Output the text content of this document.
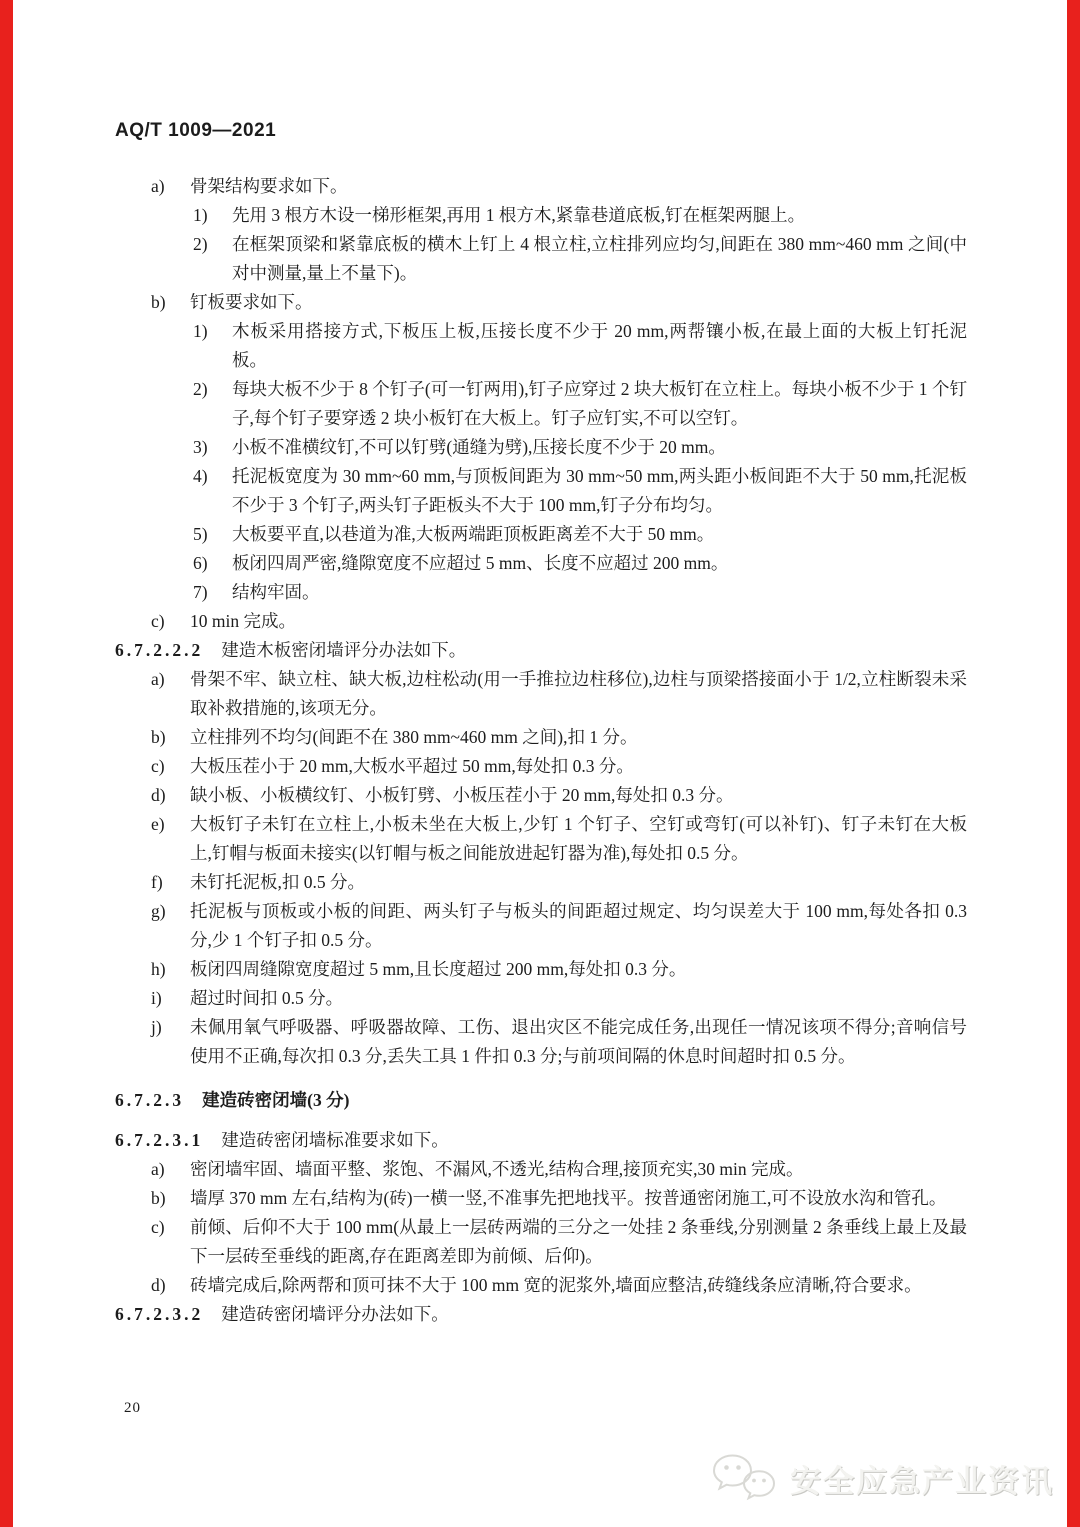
AQ/T 1009—2021
a) 骨架结构要求如下。
1) 先用 3 根方木设一梯形框架,再用 1 根方木,紧靠巷道底板,钉在框架两腿上。
2) 在框架顶梁和紧靠底板的横木上钉上 4 根立柱,立柱排列应均匀,间距在 380 mm~460 mm 之间(中对中测量,量上不量下)。
b) 钉板要求如下。
1) 木板采用搭接方式,下板压上板,压接长度不少于 20 mm,两帮镶小板,在最上面的大板上钉托泥板。
2) 每块大板不少于 8 个钉子(可一钉两用),钉子应穿过 2 块大板钉在立柱上。每块小板不少于 1 个钉子,每个钉子要穿透 2 块小板钉在大板上。钉子应钉实,不可以空钉。
3) 小板不准横纹钉,不可以钉劈(通缝为劈),压接长度不少于 20 mm。
4) 托泥板宽度为 30 mm~60 mm,与顶板间距为 30 mm~50 mm,两头距小板间距不大于 50 mm,托泥板不少于 3 个钉子,两头钉子距板头不大于 100 mm,钉子分布均匀。
5) 大板要平直,以巷道为准,大板两端距顶板距离差不大于 50 mm。
6) 板闭四周严密,缝隙宽度不应超过 5 mm、长度不应超过 200 mm。
7) 结构牢固。
c) 10 min 完成。
6.7.2.2.2 建造木板密闭墙评分办法如下。
a) 骨架不牢、缺立柱、缺大板,边柱松动(用一手推拉边柱移位),边柱与顶梁搭接面小于 1/2,立柱断裂未采取补救措施的,该项无分。
b) 立柱排列不均匀(间距不在 380 mm~460 mm 之间),扣 1 分。
c) 大板压茬小于 20 mm,大板水平超过 50 mm,每处扣 0.3 分。
d) 缺小板、小板横纹钉、小板钉劈、小板压茬小于 20 mm,每处扣 0.3 分。
e) 大板钉子未钉在立柱上,小板未坐在大板上,少钉 1 个钉子、空钉或弯钉(可以补钉)、钉子未钉在大板上,钉帽与板面未接实(以钉帽与板之间能放进起钉器为准),每处扣 0.5 分。
f) 未钉托泥板,扣 0.5 分。
g) 托泥板与顶板或小板的间距、两头钉子与板头的间距超过规定、均匀误差大于 100 mm,每处各扣 0.3 分,少 1 个钉子扣 0.5 分。
h) 板闭四周缝隙宽度超过 5 mm,且长度超过 200 mm,每处扣 0.3 分。
i) 超过时间扣 0.5 分。
j) 未佩用氧气呼吸器、呼吸器故障、工伤、退出灾区不能完成任务,出现任一情况该项不得分;音响信号使用不正确,每次扣 0.3 分,丢失工具 1 件扣 0.3 分;与前项间隔的休息时间超时扣 0.5 分。
6.7.2.3 建造砖密闭墙(3 分)
6.7.2.3.1 建造砖密闭墙标准要求如下。
a) 密闭墙牢固、墙面平整、浆饱、不漏风,不透光,结构合理,接顶充实,30 min 完成。
b) 墙厚 370 mm 左右,结构为(砖)一横一竖,不准事先把地找平。按普通密闭施工,可不设放水沟和管孔。
c) 前倾、后仰不大于 100 mm(从最上一层砖两端的三分之一处挂 2 条垂线,分别测量 2 条垂线上最上及最下一层砖至垂线的距离,存在距离差即为前倾、后仰)。
d) 砖墙完成后,除两帮和顶可抹不大于 100 mm 宽的泥浆外,墙面应整洁,砖缝线条应清晰,符合要求。
6.7.2.3.2 建造砖密闭墙评分办法如下。
20
安全应急产业资讯
